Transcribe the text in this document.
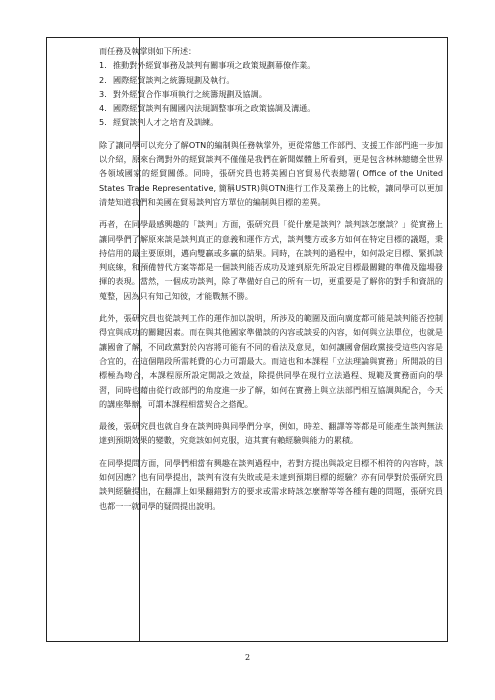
而任務及執掌則如下所述：

1. 推動對外經貿事務及談判有關事項之政策規劃幕僚作業。
2. 國際經貿談判之統籌規劃及執行。
3. 對外經貿合作事項執行之統籌規劃及協調。
4. 國際經貿談判有關國內法規調整事項之政策協調及溝通。
5. 經貿談判人才之培育及訓練。

除了讓同學可以充分了解OTN的編制與任務執掌外，更從常態工作部門、支援工作部門進一步加以介紹，原來台灣對外的經貿談判不僅僅是我們在新聞媒體上所看到，更是包含林林總總全世界各領域國家的經貿關係。同時，張研究員也將美國白宮貿易代表總署( Office of the United States Trade Representative, 簡稱USTR)與OTN進行工作及業務上的比較，讓同學可以更加清楚知道我們和美國在貿易談判官方單位的編制與目標的差異。

再者，在同學最感興趣的「談判」方面，張研究員「從什麼是談判？談判該怎麼談？」從實務上讓同學們了解原來談是談判真正的意義和運作方式，談判雙方或多方如何在特定目標的議題，秉持信用的最主要原則，邁向雙贏或多贏的結果。同時，在談判的過程中，如何設定目標、緊抓談判底線，和預備替代方案等都是一個談判能否成功及達到原先所設定目標最關鍵的準備及臨場發揮的表現。當然，一個成功談判，除了準備好自己的所有一切，更重要是了解你的對手和資訊的蒐整，因為只有知己知彼，才能戰無不勝。

此外，張研究員也從談判工作的運作加以說明，所涉及的範圍及面向廣度都可能是談判能否控制得宜與成功的關鍵因素。而在與其他國家準備談的內容或談妥的內容，如何與立法單位，也就是讓國會了解，不同政黨對於內容將可能有不同的看法及意見，如何讓國會個政黨接受這些內容是合宜的，在這個階段所需耗費的心力可謂最大。而這也和本課程「立法理論與實務」所開設的目標極為吻合，本課程原所設定開設之效益，除提供同學在現行立法過程、規範及實務面向的學習，同時也藉由從行政部門的角度進一步了解，如何在實務上與立法部門相互協調與配合，今天的講座舉辦，可謂本課程相當契合之搭配。

最後，張研究員也就自身在談判時與同學們分享，例如，時差、翻譯等等都是可能產生談判無法達到預期效果的變數，究竟該如何克服，這其實有賴經驗與能力的累積。

在同學提問方面，同學們相當有興趣在談判過程中，若對方提出與設定目標不相符的內容時，該如何因應？也有同學提出，談判有沒有失敗或是未達到預期目標的經驗？亦有同學對於張研究員談判經驗提出，在翻譯上如果翻錯對方的要求或需求時該怎麼辦等等各種有趣的問題，張研究員也都一一就同學的疑問提出說明。

2
